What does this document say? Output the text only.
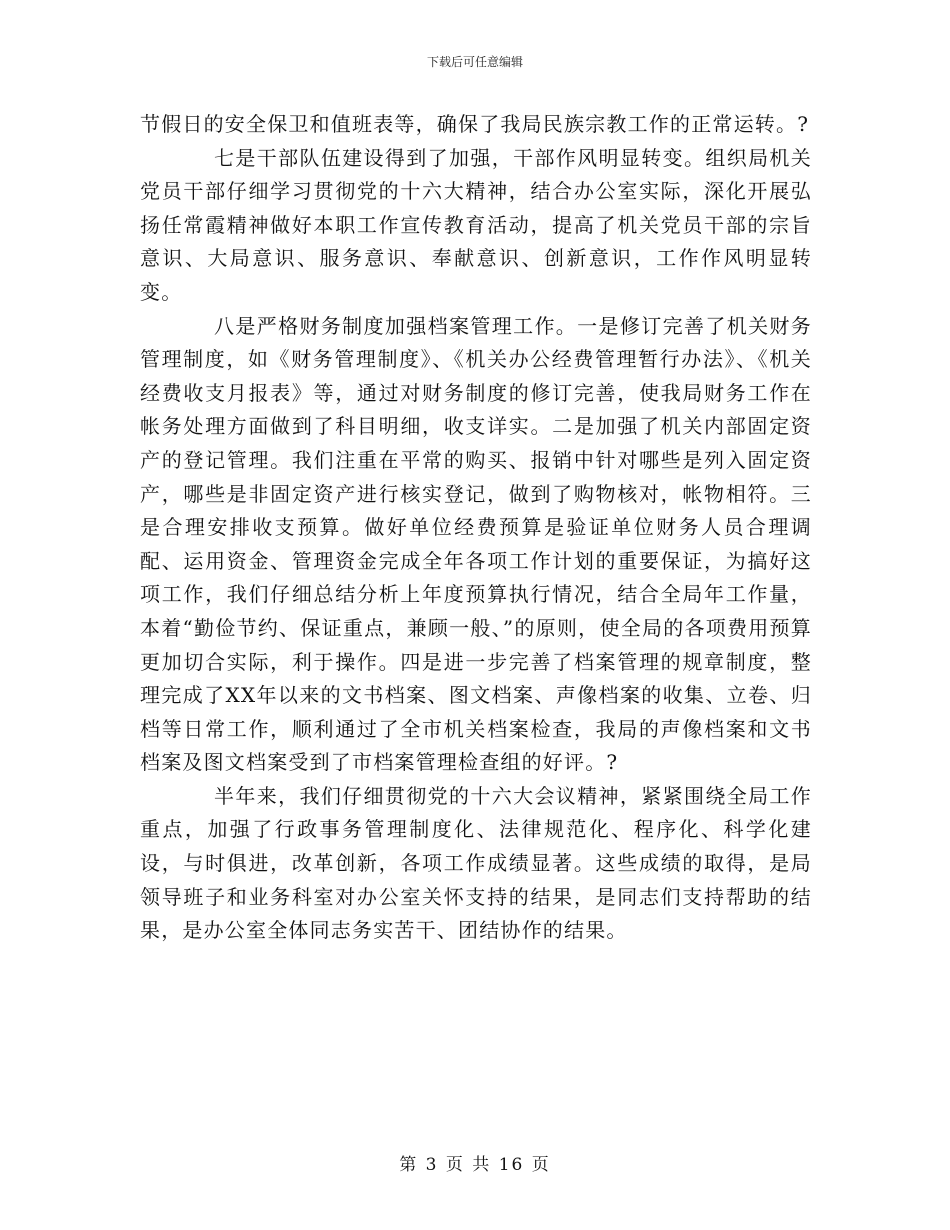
下载后可任意编辑

节假日的安全保卫和值班表等，确保了我局民族宗教工作的正常运转。?

七是干部队伍建设得到了加强，干部作风明显转变。组织局机关党员干部仔细学习贯彻党的十六大精神，结合办公室实际，深化开展弘扬任常霞精神做好本职工作宣传教育活动，提高了机关党员干部的宗旨意识、大局意识、服务意识、奉献意识、创新意识，工作作风明显转变。

八是严格财务制度加强档案管理工作。一是修订完善了机关财务管理制度，如《财务管理制度》、《机关办公经费管理暂行办法》、《机关经费收支月报表》等，通过对财务制度的修订完善，使我局财务工作在帐务处理方面做到了科目明细，收支详实。二是加强了机关内部固定资产的登记管理。我们注重在平常的购买、报销中针对哪些是列入固定资产，哪些是非固定资产进行核实登记，做到了购物核对，帐物相符。三是合理安排收支预算。做好单位经费预算是验证单位财务人员合理调配、运用资金、管理资金完成全年各项工作计划的重要保证，为搞好这项工作，我们仔细总结分析上年度预算执行情况，结合全局年工作量，本着“勤俭节约、保证重点，兼顾一般、”的原则，使全局的各项费用预算更加切合实际，利于操作。四是进一步完善了档案管理的规章制度，整理完成了XX年以来的文书档案、图文档案、声像档案的收集、立卷、归档等日常工作，顺利通过了全市机关档案检查，我局的声像档案和文书档案及图文档案受到了市档案管理检查组的好评。?

半年来，我们仔细贯彻党的十六大会议精神，紧紧围绕全局工作重点，加强了行政事务管理制度化、法律规范化、程序化、科学化建设，与时俱进，改革创新，各项工作成绩显著。这些成绩的取得，是局领导班子和业务科室对办公室关怀支持的结果，是同志们支持帮助的结果，是办公室全体同志务实苦干、团结协作的结果。

第 3 页 共 16 页
